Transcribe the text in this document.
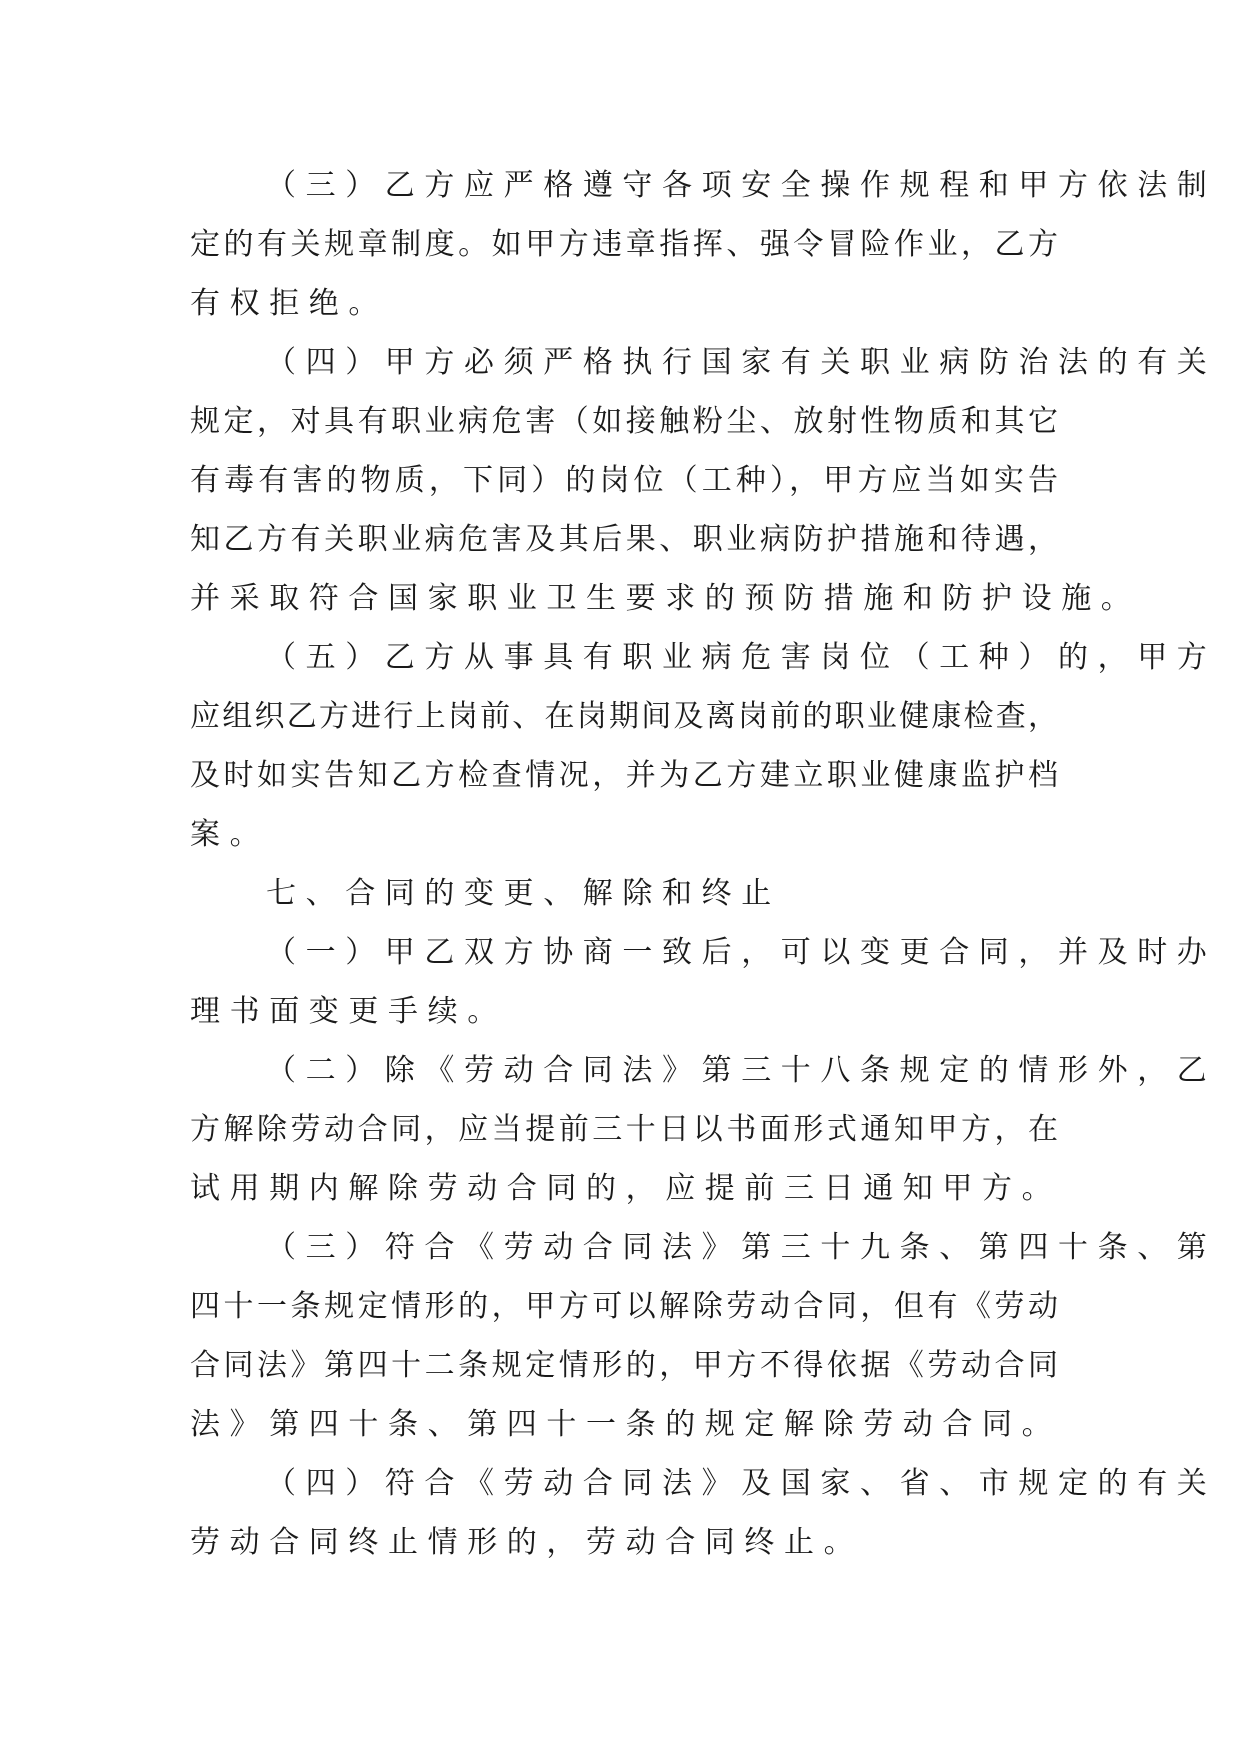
（三）乙方应严格遵守各项安全操作规程和甲方依法制
定的有关规章制度。如甲方违章指挥、强令冒险作业，乙方
有权拒绝。
（四）甲方必须严格执行国家有关职业病防治法的有关
规定，对具有职业病危害（如接触粉尘、放射性物质和其它
有毒有害的物质，下同）的岗位（工种），甲方应当如实告
知乙方有关职业病危害及其后果、职业病防护措施和待遇，
并采取符合国家职业卫生要求的预防措施和防护设施。
（五）乙方从事具有职业病危害岗位（工种）的，甲方
应组织乙方进行上岗前、在岗期间及离岗前的职业健康检查，
及时如实告知乙方检查情况，并为乙方建立职业健康监护档
案。
七、合同的变更、解除和终止
（一）甲乙双方协商一致后，可以变更合同，并及时办
理书面变更手续。
（二）除《劳动合同法》第三十八条规定的情形外，乙
方解除劳动合同，应当提前三十日以书面形式通知甲方，在
试用期内解除劳动合同的，应提前三日通知甲方。
（三）符合《劳动合同法》第三十九条、第四十条、第
四十一条规定情形的，甲方可以解除劳动合同，但有《劳动
合同法》第四十二条规定情形的，甲方不得依据《劳动合同
法》第四十条、第四十一条的规定解除劳动合同。
（四）符合《劳动合同法》及国家、省、市规定的有关
劳动合同终止情形的，劳动合同终止。
